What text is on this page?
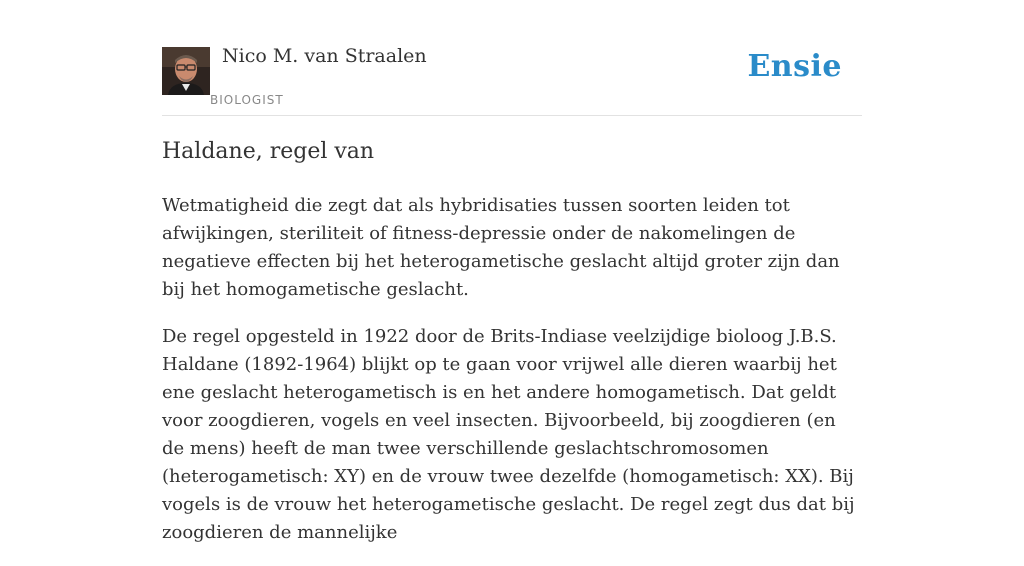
Nico M. van Straalen
BIOLOGIST
Ensie
Haldane, regel van

Wetmatigheid die zegt dat als hybridisaties tussen soorten leiden tot afwijkingen, steriliteit of fitness-depressie onder de nakomelingen de negatieve effecten bij het heterogametische geslacht altijd groter zijn dan bij het homogametische geslacht.

De regel opgesteld in 1922 door de Brits-Indiase veelzijdige bioloog J.B.S. Haldane (1892-1964) blijkt op te gaan voor vrijwel alle dieren waarbij het ene geslacht heterogametisch is en het andere homogametisch. Dat geldt voor zoogdieren, vogels en veel insecten. Bijvoorbeeld, bij zoogdieren (en de mens) heeft de man twee verschillende geslachtschromosomen (heterogametisch: XY) en de vrouw twee dezelfde (homogametisch: XX). Bij vogels is de vrouw het heterogametische geslacht. De regel zegt dus dat bij zoogdieren de mannelijke
